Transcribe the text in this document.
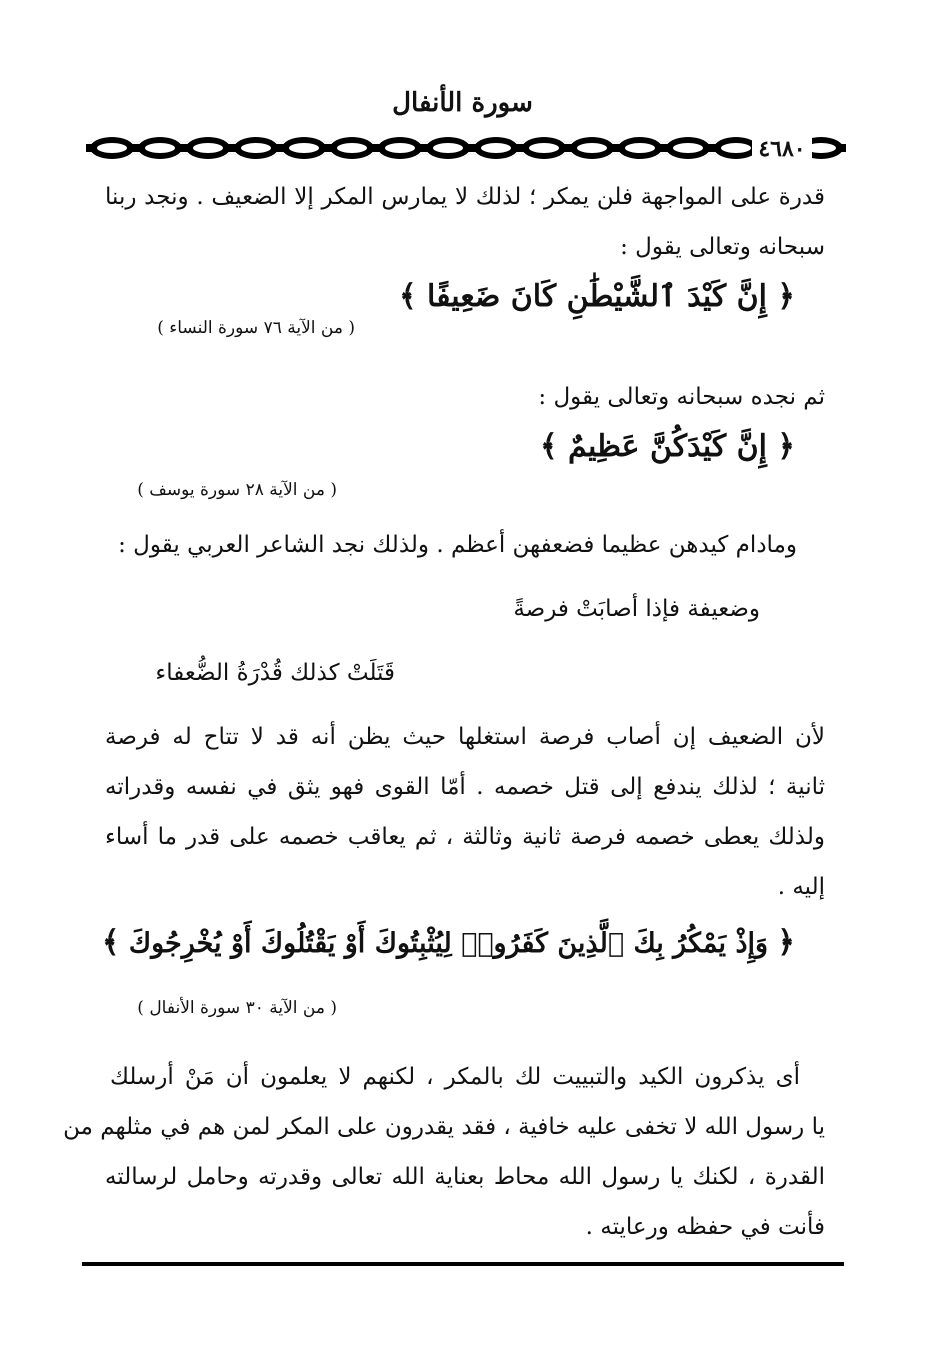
سورة الأنفال
٤٦٨٠
قدرة على المواجهة فلن يمكر ؛ لذلك لا يمارس المكر إلا الضعيف . ونجد ربنا
سبحانه وتعالى يقول :
﴿ إِنَّ كَيْدَ ٱلشَّيْطَٰنِ كَانَ ضَعِيفًا ﴾
( من الآية ٧٦ سورة النساء )
ثم نجده سبحانه وتعالى يقول :
﴿ إِنَّ كَيْدَكُنَّ عَظِيمٌ ﴾
( من الآية ٢٨ سورة يوسف )
ومادام كيدهن عظيما فضعفهن أعظم . ولذلك نجد الشاعر العربي يقول :
وضعيفة فإذا أصابَتْ فرصةً
قَتَلَتْ كذلك قُدْرَةُ الضُّعفاء
لأن الضعيف إن أصاب فرصة استغلها حيث يظن أنه قد لا تتاح له فرصة
ثانية ؛ لذلك يندفع إلى قتل خصمه . أمّا القوى فهو يثق في نفسه وقدراته
ولذلك يعطى خصمه فرصة ثانية وثالثة ، ثم يعاقب خصمه على قدر ما أساء
إليه .
﴿ وَإِذْ يَمْكُرُ بِكَ ٱلَّذِينَ كَفَرُوا۟ لِيُثْبِتُوكَ أَوْ يَقْتُلُوكَ أَوْ يُخْرِجُوكَ ﴾
( من الآية ٣٠ سورة الأنفال )
أى يذكرون الكيد والتبييت لك بالمكر ، لكنهم لا يعلمون أن مَنْ أرسلك
يا رسول الله لا تخفى عليه خافية ، فقد يقدرون على المكر لمن هم في مثلهم من
القدرة ، لكنك يا رسول الله محاط بعناية الله تعالى وقدرته وحامل لرسالته
فأنت في حفظه ورعايته .
